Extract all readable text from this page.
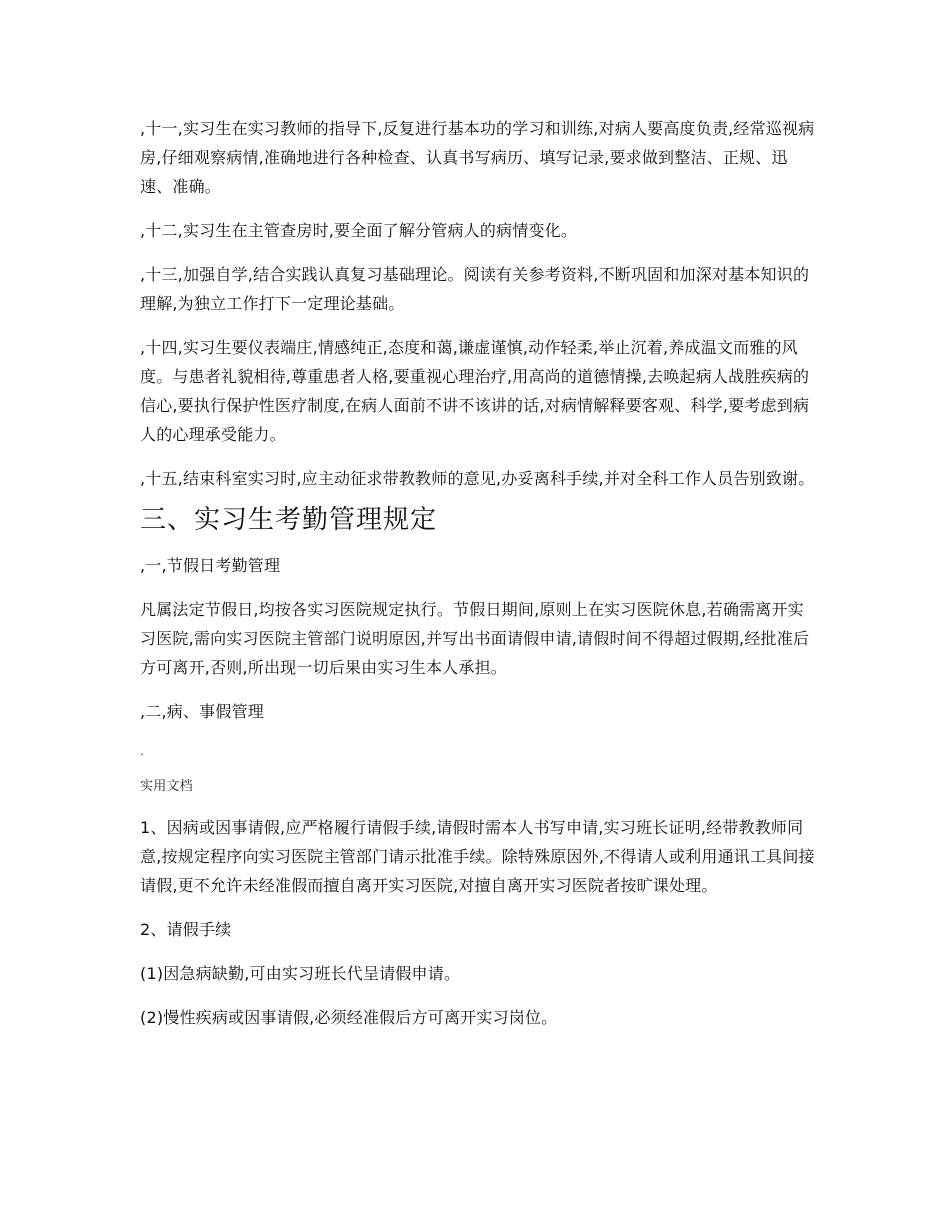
,十一,实习生在实习教师的指导下,反复进行基本功的学习和训练,对病人要高度负责,经常巡视病房,仔细观察病情,准确地进行各种检查、认真书写病历、填写记录,要求做到整洁、正规、迅速、准确。

,十二,实习生在主管查房时,要全面了解分管病人的病情变化。

,十三,加强自学,结合实践认真复习基础理论。阅读有关参考资料,不断巩固和加深对基本知识的理解,为独立工作打下一定理论基础。

,十四,实习生要仪表端庄,情感纯正,态度和蔼,谦虚谨慎,动作轻柔,举止沉着,养成温文而雅的风度。与患者礼貌相待,尊重患者人格,要重视心理治疗,用高尚的道德情操,去唤起病人战胜疾病的信心,要执行保护性医疗制度,在病人面前不讲不该讲的话,对病情解释要客观、科学,要考虑到病人的心理承受能力。

,十五,结束科室实习时,应主动征求带教教师的意见,办妥离科手续,并对全科工作人员告别致谢。

三、实习生考勤管理规定

,一,节假日考勤管理

凡属法定节假日,均按各实习医院规定执行。节假日期间,原则上在实习医院休息,若确需离开实习医院,需向实习医院主管部门说明原因,并写出书面请假申请,请假时间不得超过假期,经批准后方可离开,否则,所出现一切后果由实习生本人承担。

,二,病、事假管理

.

实用文档

1、因病或因事请假,应严格履行请假手续,请假时需本人书写申请,实习班长证明,经带教教师同意,按规定程序向实习医院主管部门请示批准手续。除特殊原因外,不得请人或利用通讯工具间接请假,更不允许未经准假而擅自离开实习医院,对擅自离开实习医院者按旷课处理。

2、请假手续

(1)因急病缺勤,可由实习班长代呈请假申请。

(2)慢性疾病或因事请假,必须经准假后方可离开实习岗位。
